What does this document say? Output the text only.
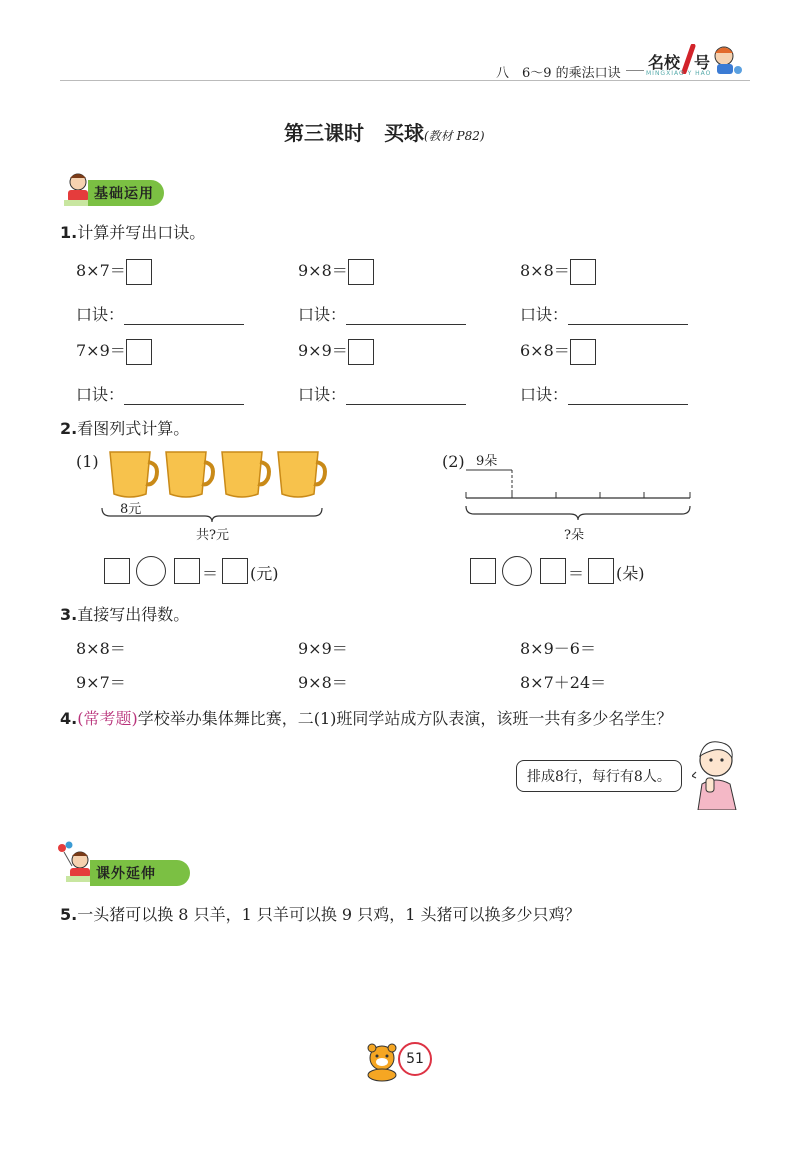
八　6～9 的乘法口诀
名校 号
MINGXIAO Y HAO
第三课时　买球(教材 P82)
基础运用
1.计算并写出口诀。
8×7＝	9×8＝	8×8＝
口诀：	口诀：	口诀：
7×9＝	9×9＝	6×8＝
口诀：	口诀：	口诀：
2.看图列式计算。
(1)
8元
共?元
＝ (元)
(2) 9朵
?朵
＝ (朵)
3.直接写出得数。
8×8＝	9×9＝	8×9－6＝
9×7＝	9×8＝	8×7＋24＝
4.(常考题)学校举办集体舞比赛，二(1)班同学站成方队表演，该班一共有多少名学生？
排成8行，每行有8人。
课外延伸
5.一头猪可以换 8 只羊，1 只羊可以换 9 只鸡，1 头猪可以换多少只鸡？
51
